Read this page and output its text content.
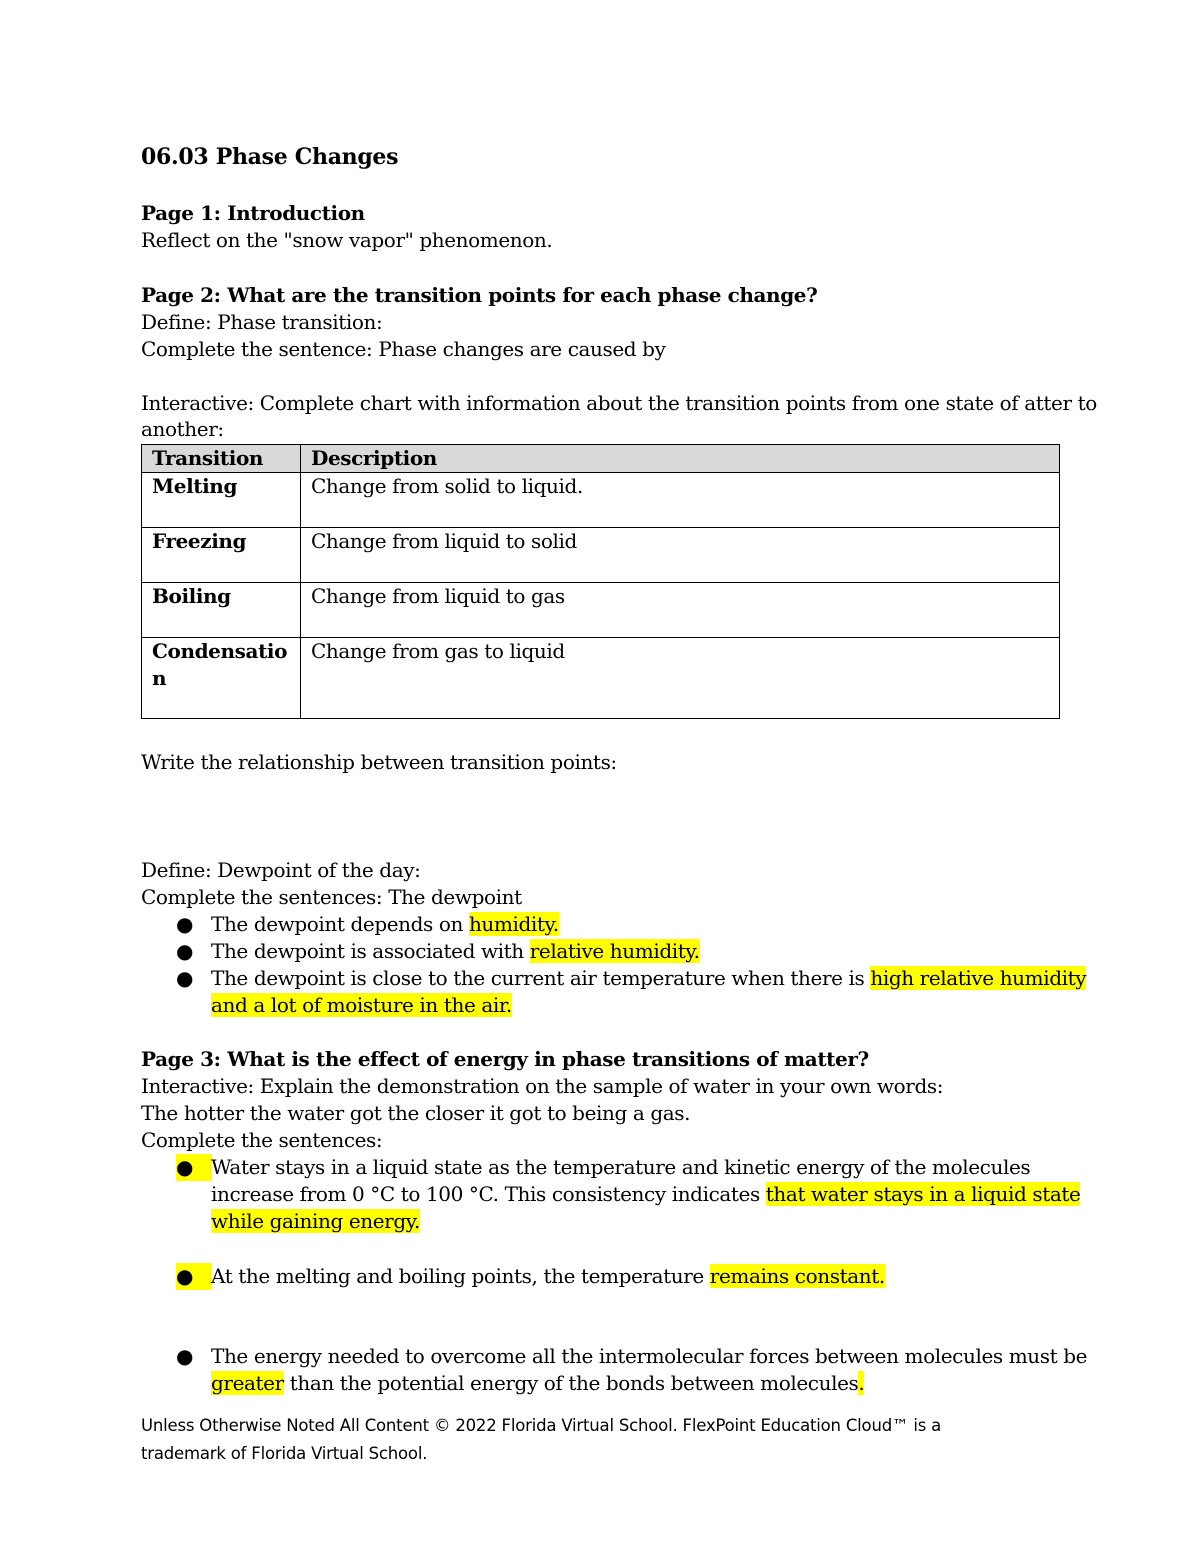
06.03 Phase Changes
Page 1: Introduction
Reflect on the "snow vapor" phenomenon.
Page 2: What are the transition points for each phase change?
Define: Phase transition:
Complete the sentence: Phase changes are caused by
Interactive: Complete chart with information about the transition points from one state of atter to
another:
Transition	Description
Melting	Change from solid to liquid.
Freezing	Change from liquid to solid
Boiling	Change from liquid to gas
Condensation	Change from gas to liquid
Write the relationship between transition points:
Define: Dewpoint of the day:
Complete the sentences: The dewpoint
● The dewpoint depends on humidity.
● The dewpoint is associated with relative humidity.
● The dewpoint is close to the current air temperature when there is high relative humidity
and a lot of moisture in the air.
Page 3: What is the effect of energy in phase transitions of matter?
Interactive: Explain the demonstration on the sample of water in your own words:
The hotter the water got the closer it got to being a gas.
Complete the sentences:
● Water stays in a liquid state as the temperature and kinetic energy of the molecules
increase from 0 °C to 100 °C. This consistency indicates that water stays in a liquid state
while gaining energy.
● At the melting and boiling points, the temperature remains constant.
● The energy needed to overcome all the intermolecular forces between molecules must be
greater than the potential energy of the bonds between molecules.
Unless Otherwise Noted All Content © 2022 Florida Virtual School. FlexPoint Education Cloud™ is a
trademark of Florida Virtual School.
